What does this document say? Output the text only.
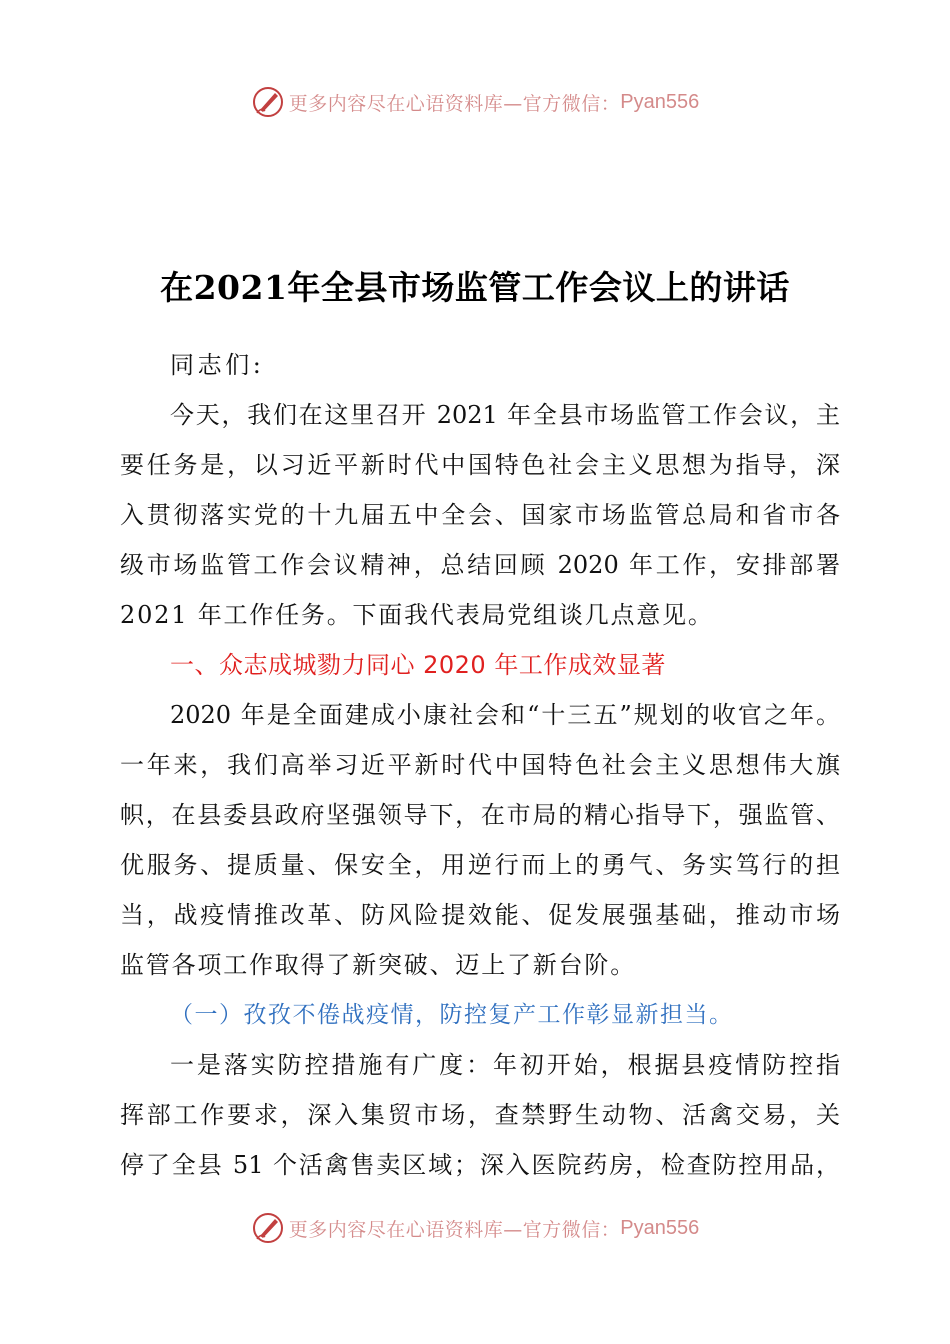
更多内容尽在心语资料库—官方微信： Pyan556
在2021年全县市场监管工作会议上的讲话
同志们:
今天，我们在这里召开 2021 年全县市场监管工作会议，主
要任务是，以习近平新时代中国特色社会主义思想为指导，深
入贯彻落实党的十九届五中全会、国家市场监管总局和省市各
级市场监管工作会议精神，总结回顾 2020 年工作，安排部署
2021 年工作任务。下面我代表局党组谈几点意见。
一、众志成城勠力同心 2020 年工作成效显著
2020 年是全面建成小康社会和“十三五”规划的收官之年。
一年来，我们高举习近平新时代中国特色社会主义思想伟大旗
帜，在县委县政府坚强领导下，在市局的精心指导下，强监管、
优服务、提质量、保安全，用逆行而上的勇气、务实笃行的担
当，战疫情推改革、防风险提效能、促发展强基础，推动市场
监管各项工作取得了新突破、迈上了新台阶。
（一）孜孜不倦战疫情，防控复产工作彰显新担当。
一是落实防控措施有广度：年初开始，根据县疫情防控指
挥部工作要求，深入集贸市场，查禁野生动物、活禽交易，关
停了全县 51 个活禽售卖区域；深入医院药房，检查防控用品，
更多内容尽在心语资料库—官方微信： Pyan556
